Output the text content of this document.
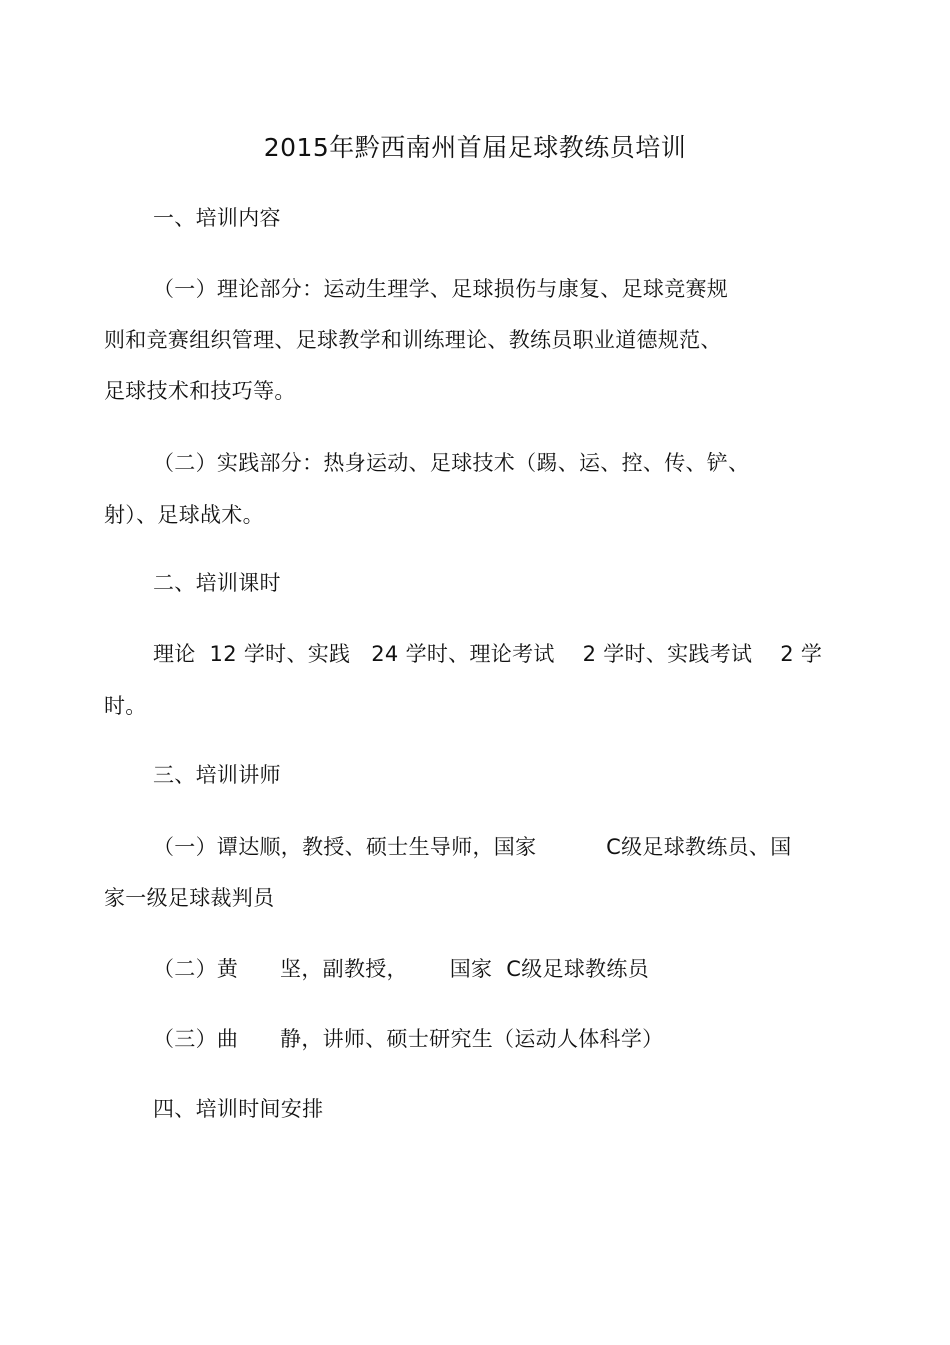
2015年黔西南州首届足球教练员培训
一、培训内容
（一）理论部分：运动生理学、足球损伤与康复、足球竞赛规
则和竞赛组织管理、足球教学和训练理论、教练员职业道德规范、
足球技术和技巧等。
（二）实践部分：热身运动、足球技术（踢、运、控、传、铲、
射）、足球战术。
二、培训课时
理论  12 学时、实践   24 学时、理论考试    2 学时、实践考试    2 学
时。
三、培训讲师
（一）谭达顺，教授、硕士生导师，国家          C级足球教练员、国
家一级足球裁判员
（二）黄      坚，副教授，      国家  C级足球教练员
（三）曲      静，讲师、硕士研究生（运动人体科学）
四、培训时间安排
